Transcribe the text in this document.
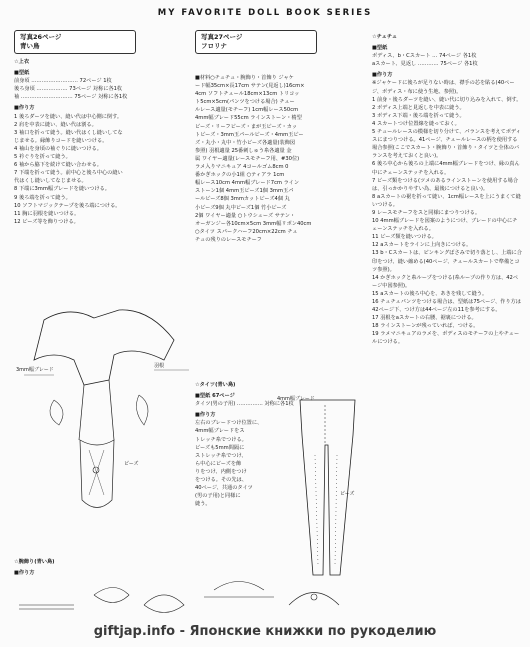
MY FAVORITE DOLL BOOK SERIES
写真26ページ
青い鳥
☆上衣
■型紙
前身頃 ……………………… 72ページ 1枚
後ろ身頃 ……………… 73ページ 対称に各1枚
袖 ………………………… 75ページ 対称に各1枚
■作り方
1 後ろダーツを縫い、縫い代は中心側に倒す。
2 肩を中表に縫い、縫い代は割る。
3 袖口を折って縫う。縫い代はくし縫いしてな
じませる。縁飾りコードを縫いつける。
4 袖山を身頃の袖ぐりに縫いつける。
5 衿ぐりを折って縫う。
6 袖から脇下を続けて縫い合わせる。
7 下端を折って縫う。前中心と後ろ中心の縫い
代はくし縫いしてなじませる。
8 下端に3mm幅ブレードを縫いつける。
9 後ろ端を折って縫う。
10 ソフトマジックテープを後ろ端につける。
11 胸に羽根を縫いつける。
12 ビーズ等を飾りつける。
3mm幅ブレード
羽根
ビーズ
☆腕飾り(青い鳥)
■作り方
写真27ページ
フロリナ
■材料○チュチュ・腕飾り・首飾り ジャケ
ード幅35cm×長17cm サテン(見返し)16cm×
4cm ソフトチュール18cm×13cm トリコッ
ト5cm×5cm(パンツをつける場合) チュー
ルレース適量(モチーフ) 1cm幅レース50cm
4mm幅ブレード55cm ラインストーン・楕型
ビーズ・リーフビーズ・まが玉ビーズ・カッ
トビーズ・3mm玉パールビーズ・4mm玉ビー
ズ・丸小・丸中・竹小ビーズ各適量(装飾図
参照) 羽根適量 25番刺しゅう糸各適量 金
属 ワイヤー適量(レースモチーフ用、#30位)
ラメ入りマニキュア 4コールゴム8cm 0
番かぎホックの小1組 ○ティアラ 1cm
幅レース10cm 4mm幅ブレード7cm ライン
ストーン1個 4mm玉ビーズ1個 3mm玉パ
ールビーズ8個 3mmカットビーズ4個 丸
小ビーズ9個 丸中ビーズ1個 竹小ビーズ
2個 ワイヤー適量 ○トウシューズ サテン・
オーガンジー各10cm×5cm 3mm幅リボン40cm
○タイツ スパークハーフ20cm×22cm チュ
チュの残りのレースモチーフ
☆タイツ(青い鳥)
■型紙 67ページ
タイツ(男の子用) …………… 対称に各1枚
■作り方
左右のブレードつけ位置に、
4mm幅ブレードをス
トレッチ糸でつける。
ビーズも5mm間隔に
ストレッチ糸でつけ、
ら中心にビーズを飾
りをつけ、内側をつけ
をつける。その先は、
40ページ、共通のタイツ
(男の子用)と同様に
縫う。
ビーズ
4mm幅ブレード
☆チュチュ
■型紙
ボディス、b・Cスカート … 74ページ 各1枚
aスカート、見返し ………… 75ページ 各1枚
■作り方
※ジャケードに後ろが足りない時は、襟手の芯を貼る(40ページ、ボディス・布に使う生地、参照)。
1 前身・後ろダーツを縫い、縫い代に切り込みを入れて、倒す。
2 ボディス上端と見返しを中表に縫う。
3 ボディス下端・後ろ端を折って縫う。
4 スカートつけ位置線を縫っておく。
5 チュールレースの模様を切り分けて、パランスを考えてボディスにまつりつける。41ページ、チュールレースの柄を使用する場合参照(ここでスカート・腕飾り・首飾り・タイツと全体のバランスを考えておくと良い)。
6 後ろ中心から後ろの上端に4mm幅ブレードをつけ、縁の真ん中にチェーンステッチを入れる。
7 ビーズ類をつける(ツメのあるラインストーンを使用する場合は、引っかかりやすい為、最後につけると良い)。
8 aスカートの裾を折って縫い、1cm幅レースを上にうまくて縫いつける。
9 レースモチーフをスと同様にまつりつける。
10 4mm幅ブレードを図案のようにつけ、ブレードの中心にチェーンステッチを入れる。
11 ビーズ類を縫いつける。
12 aスカートをラインに上向きにつける。
13 b・Cスカートは、ピンキングばさみで切り落とし、上端に合印をつけ、縫い縮める(40ページ、チュールスカートで準備とコツ参照)。
14 かぎホックと糸ループをつける(糸ループの作り方は、42ページ中図参照)。
15 aスカートの後ろ中心を、あきを残して縫う。
16 チュチュパンツをつける場合は、型紙は75ページ、作り方は42ページ下、つけ方は44ページ左の11を参考にする。
17 羽根をaスカートの右腰、裾裏につける。
18 ラインストーンが残っていれば、つける。
19 ラメマニキュアのラメを、ボディスのモチーフの上やチュールにつける。
giftjap.info - Японские книжки по рукоделию
